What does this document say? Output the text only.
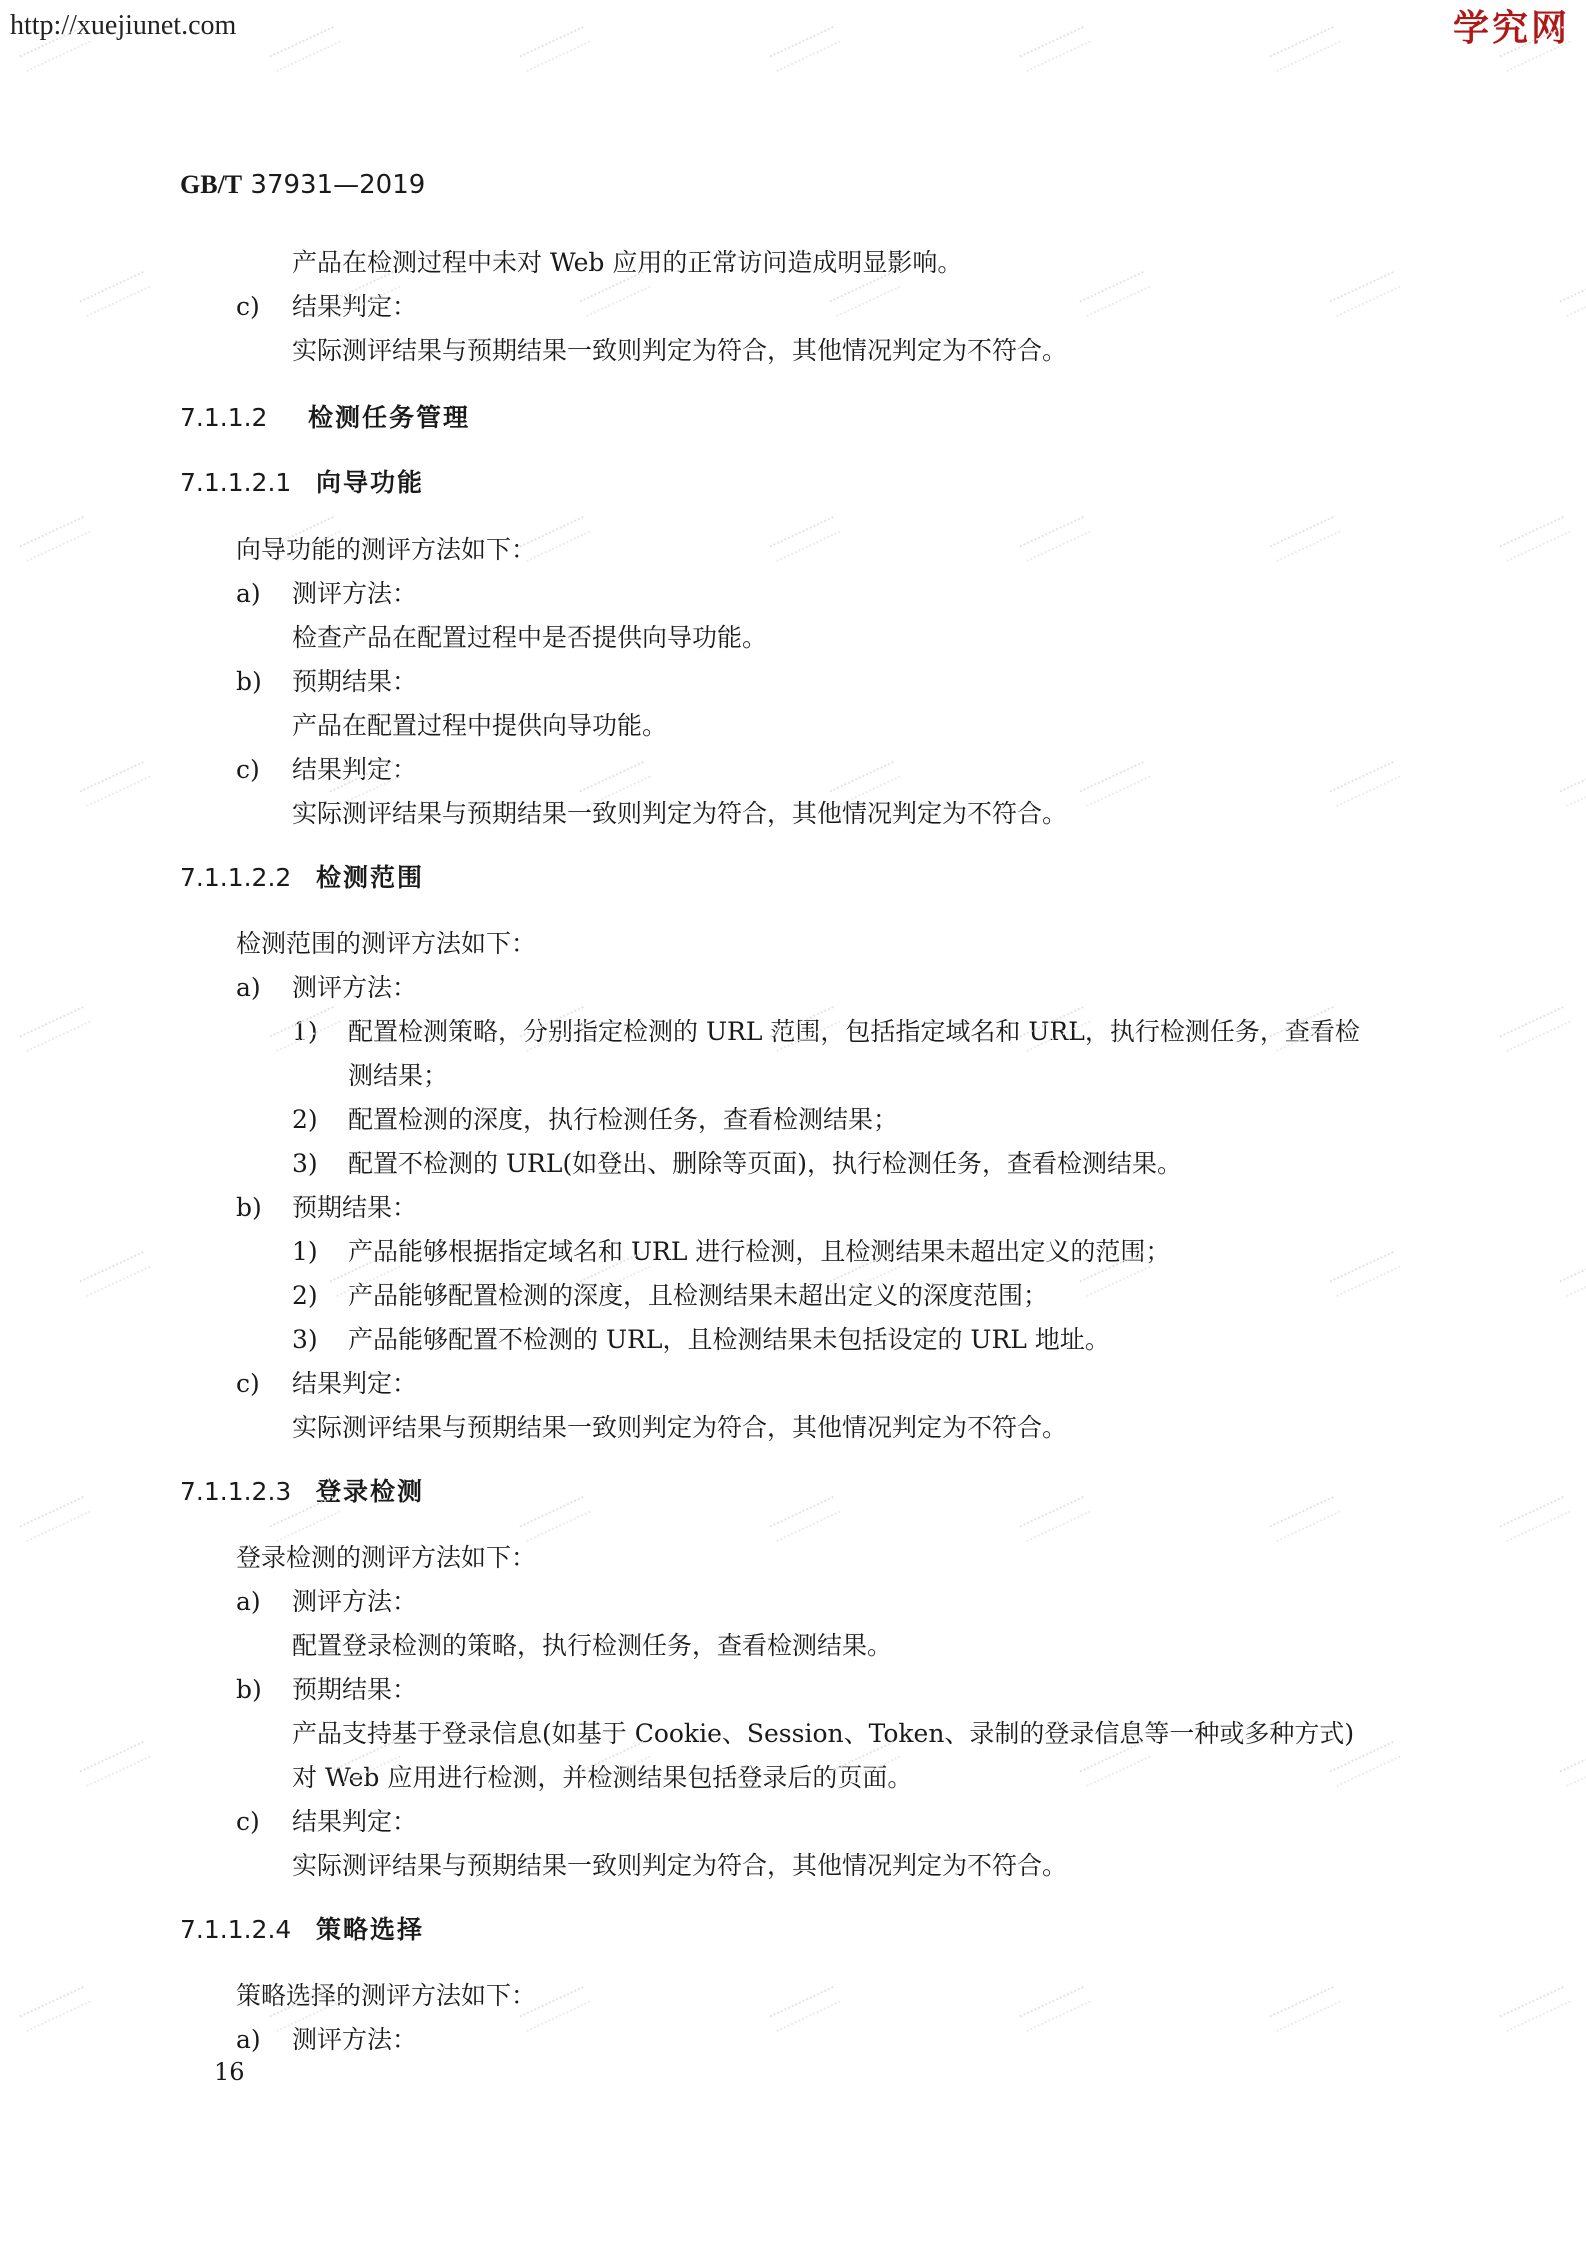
http://xuejiunet.com	学究网
GB/T 37931—2019
产品在检测过程中未对 Web 应用的正常访问造成明显影响。
c) 结果判定：
实际测评结果与预期结果一致则判定为符合，其他情况判定为不符合。
7.1.1.2 检测任务管理
7.1.1.2.1 向导功能
向导功能的测评方法如下：
a) 测评方法：
检查产品在配置过程中是否提供向导功能。
b) 预期结果：
产品在配置过程中提供向导功能。
c) 结果判定：
实际测评结果与预期结果一致则判定为符合，其他情况判定为不符合。
7.1.1.2.2 检测范围
检测范围的测评方法如下：
a) 测评方法：
1) 配置检测策略，分别指定检测的 URL 范围，包括指定域名和 URL，执行检测任务，查看检
测结果；
2) 配置检测的深度，执行检测任务，查看检测结果；
3) 配置不检测的 URL(如登出、删除等页面)，执行检测任务，查看检测结果。
b) 预期结果：
1) 产品能够根据指定域名和 URL 进行检测，且检测结果未超出定义的范围；
2) 产品能够配置检测的深度，且检测结果未超出定义的深度范围；
3) 产品能够配置不检测的 URL，且检测结果未包括设定的 URL 地址。
c) 结果判定：
实际测评结果与预期结果一致则判定为符合，其他情况判定为不符合。
7.1.1.2.3 登录检测
登录检测的测评方法如下：
a) 测评方法：
配置登录检测的策略，执行检测任务，查看检测结果。
b) 预期结果：
产品支持基于登录信息(如基于 Cookie、Session、Token、录制的登录信息等一种或多种方式)
对 Web 应用进行检测，并检测结果包括登录后的页面。
c) 结果判定：
实际测评结果与预期结果一致则判定为符合，其他情况判定为不符合。
7.1.1.2.4 策略选择
策略选择的测评方法如下：
a) 测评方法：
16
